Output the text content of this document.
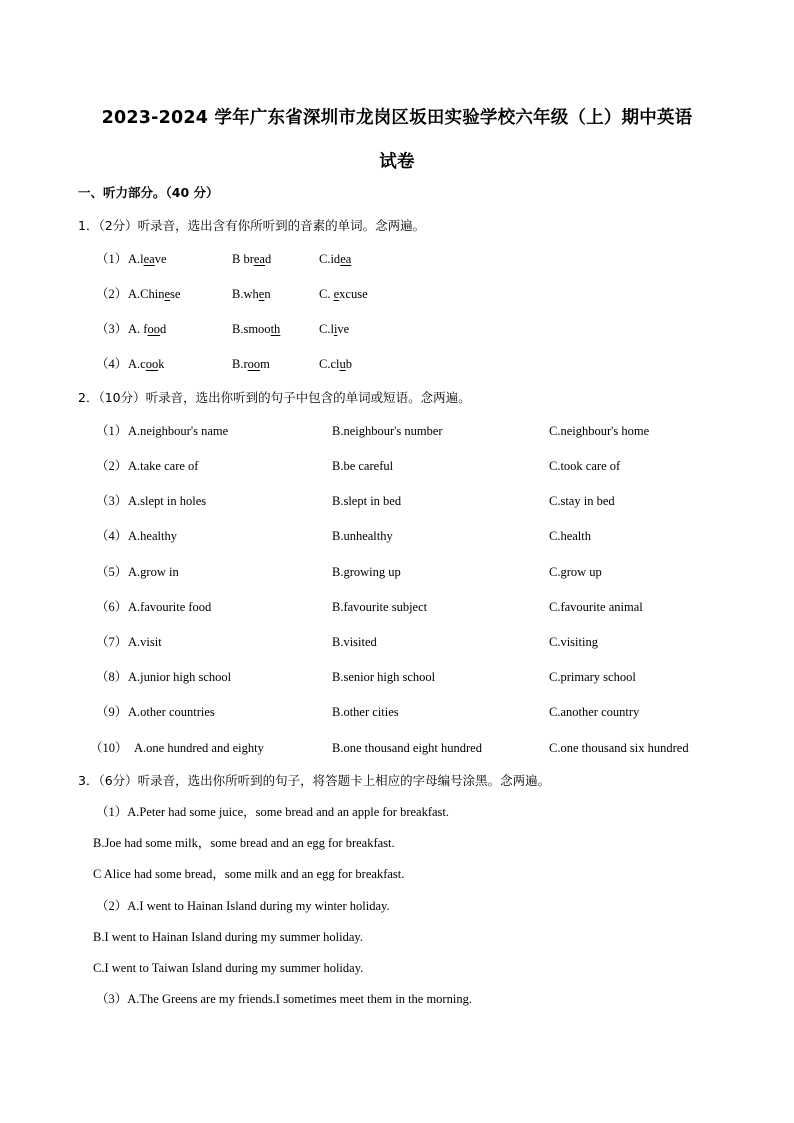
2023-2024 学年广东省深圳市龙岗区坂田实验学校六年级（上）期中英语
试卷
一、听力部分。（40 分）
1．（2分）听录音，选出含有你所听到的音素的单词。念两遍。
（1） A.leave	B bread	C.idea
（2） A.Chinese	B.when	C. excuse
（3） A. food	B.smooth	C.live
（4） A.cook	B.room	C.club
2．（10分）听录音，选出你听到的句子中包含的单词或短语。念两遍。
（1） A.neighbour's name	B.neighbour's number	C.neighbour's home
（2） A.take care of	B.be careful	C.took care of
（3） A.slept in holes	B.slept in bed	C.stay in bed
（4） A.healthy	B.unhealthy	C.health
（5） A.grow in	B.growing up	C.grow up
（6） A.favourite food	B.favourite subject	C.favourite animal
（7） A.visit	B.visited	C.visiting
（8） A.junior high school	B.senior high school	C.primary school
（9） A.other countries	B.other cities	C.another country
（10） A.one hundred and eighty	B.one thousand eight hundred	C.one thousand six hundred
3．（6分）听录音，选出你所听到的句子，将答题卡上相应的字母编号涂黑。念两遍。
（1）A.Peter had some juice，some bread and an apple for breakfast.
B.Joe had some milk，some bread and an egg for breakfast.
C Alice had some bread，some milk and an egg for breakfast.
（2）A.I went to Hainan Island during my winter holiday.
B.I went to Hainan Island during my summer holiday.
C.I went to Taiwan Island during my summer holiday.
（3）A.The Greens are my friends.I sometimes meet them in the morning.
